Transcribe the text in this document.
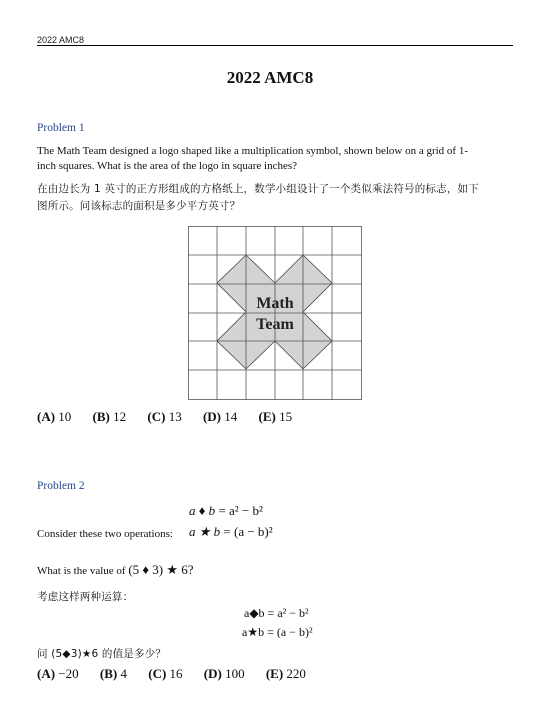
2022 AMC8
2022 AMC8
Problem 1
The Math Team designed a logo shaped like a multiplication symbol, shown below on a grid of 1-
inch squares. What is the area of the logo in square inches?
在由边长为 1 英寸的正方形组成的方格纸上，数学小组设计了一个类似乘法符号的标志，如下
图所示。问该标志的面积是多少平方英寸？
Math
Team
(A) 10 (B) 12 (C) 13 (D) 14 (E) 15
Problem 2
a ♦ b = a² − b²
Consider these two operations: a ★ b = (a − b)²
What is the value of (5 ♦ 3) ★ 6?
考虑这样两种运算：
a◆b = a² − b²
a★b = (a − b)²
问 (5◆3)★6 的值是多少？
(A) −20 (B) 4 (C) 16 (D) 100 (E) 220
